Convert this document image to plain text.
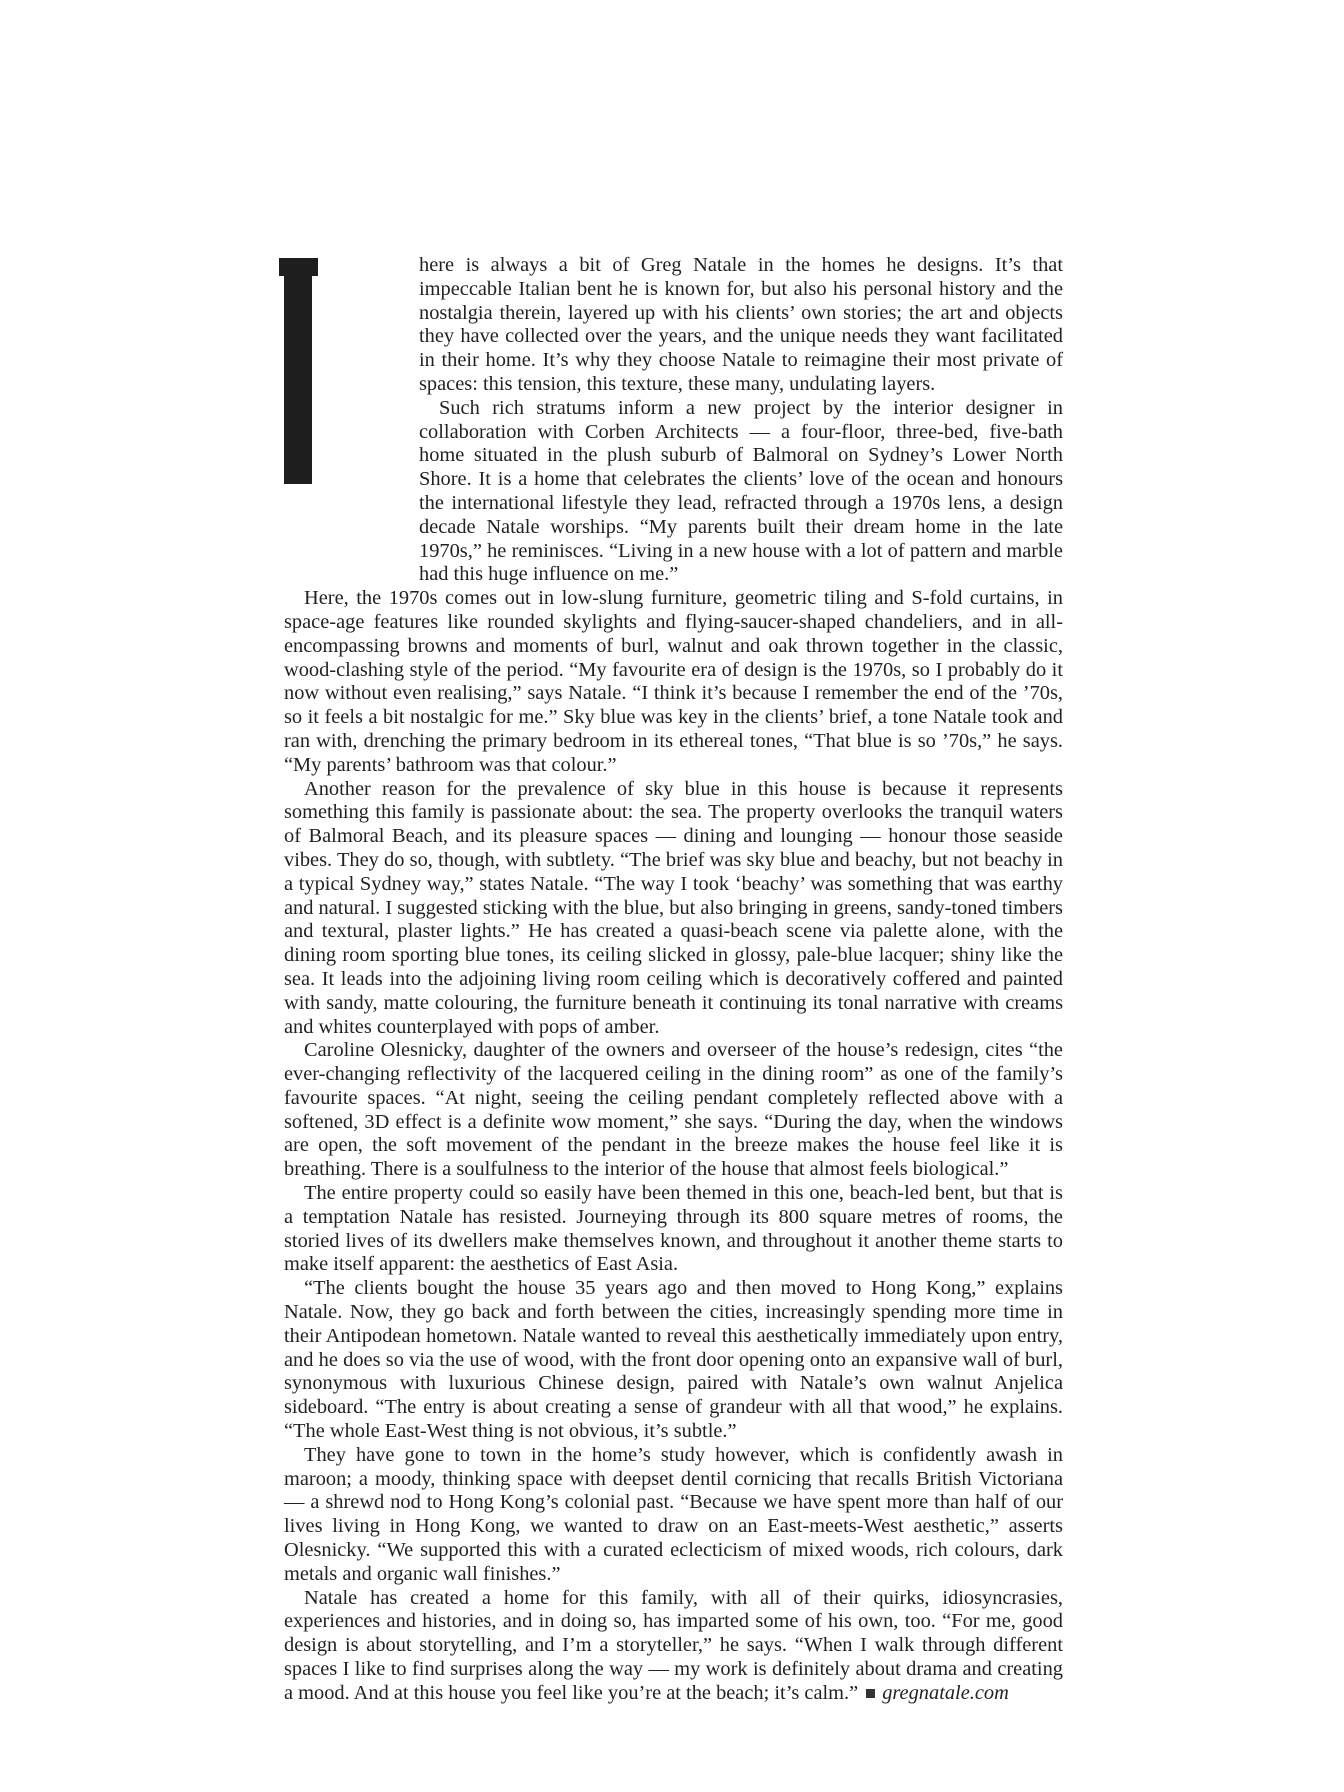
here is always a bit of Greg Natale in the homes he designs. It’s that impeccable Italian bent he is known for, but also his personal history and the nostalgia therein, layered up with his clients’ own stories; the art and objects they have collected over the years, and the unique needs they want facilitated in their home. It’s why they choose Natale to reimagine their most private of spaces: this tension, this texture, these many, undulating layers.

Such rich stratums inform a new project by the interior designer in collaboration with Corben Architects — a four-floor, three-bed, five-bath home situated in the plush suburb of Balmoral on Sydney’s Lower North Shore. It is a home that celebrates the clients’ love of the ocean and honours the international lifestyle they lead, refracted through a 1970s lens, a design decade Natale worships. “My parents built their dream home in the late 1970s,” he reminisces. “Living in a new house with a lot of pattern and marble had this huge influence on me.”

Here, the 1970s comes out in low-slung furniture, geometric tiling and S-fold curtains, in space-age features like rounded skylights and flying-saucer-shaped chandeliers, and in all-encompassing browns and moments of burl, walnut and oak thrown together in the classic, wood-clashing style of the period. “My favourite era of design is the 1970s, so I probably do it now without even realising,” says Natale. “I think it’s because I remember the end of the ’70s, so it feels a bit nostalgic for me.” Sky blue was key in the clients’ brief, a tone Natale took and ran with, drenching the primary bedroom in its ethereal tones, “That blue is so ’70s,” he says. “My parents’ bathroom was that colour.”

Another reason for the prevalence of sky blue in this house is because it represents something this family is passionate about: the sea. The property overlooks the tranquil waters of Balmoral Beach, and its pleasure spaces — dining and lounging — honour those seaside vibes. They do so, though, with subtlety. “The brief was sky blue and beachy, but not beachy in a typical Sydney way,” states Natale. “The way I took ‘beachy’ was something that was earthy and natural. I suggested sticking with the blue, but also bringing in greens, sandy-toned timbers and textural, plaster lights.” He has created a quasi-beach scene via palette alone, with the dining room sporting blue tones, its ceiling slicked in glossy, pale-blue lacquer; shiny like the sea. It leads into the adjoining living room ceiling which is decoratively coffered and painted with sandy, matte colouring, the furniture beneath it continuing its tonal narrative with creams and whites counterplayed with pops of amber.

Caroline Olesnicky, daughter of the owners and overseer of the house’s redesign, cites “the ever-changing reflectivity of the lacquered ceiling in the dining room” as one of the family’s favourite spaces. “At night, seeing the ceiling pendant completely reflected above with a softened, 3D effect is a definite wow moment,” she says. “During the day, when the windows are open, the soft movement of the pendant in the breeze makes the house feel like it is breathing. There is a soulfulness to the interior of the house that almost feels biological.”

The entire property could so easily have been themed in this one, beach-led bent, but that is a temptation Natale has resisted. Journeying through its 800 square metres of rooms, the storied lives of its dwellers make themselves known, and throughout it another theme starts to make itself apparent: the aesthetics of East Asia.

“The clients bought the house 35 years ago and then moved to Hong Kong,” explains Natale. Now, they go back and forth between the cities, increasingly spending more time in their Antipodean hometown. Natale wanted to reveal this aesthetically immediately upon entry, and he does so via the use of wood, with the front door opening onto an expansive wall of burl, synonymous with luxurious Chinese design, paired with Natale’s own walnut Anjelica sideboard. “The entry is about creating a sense of grandeur with all that wood,” he explains. “The whole East-West thing is not obvious, it’s subtle.”

They have gone to town in the home’s study however, which is confidently awash in maroon; a moody, thinking space with deepset dentil cornicing that recalls British Victoriana — a shrewd nod to Hong Kong’s colonial past. “Because we have spent more than half of our lives living in Hong Kong, we wanted to draw on an East-meets-West aesthetic,” asserts Olesnicky. “We supported this with a curated eclecticism of mixed woods, rich colours, dark metals and organic wall finishes.”

Natale has created a home for this family, with all of their quirks, idiosyncrasies, experiences and histories, and in doing so, has imparted some of his own, too. “For me, good design is about storytelling, and I’m a storyteller,” he says. “When I walk through different spaces I like to find surprises along the way — my work is definitely about drama and creating a mood. And at this house you feel like you’re at the beach; it’s calm.” gregnatale.com
